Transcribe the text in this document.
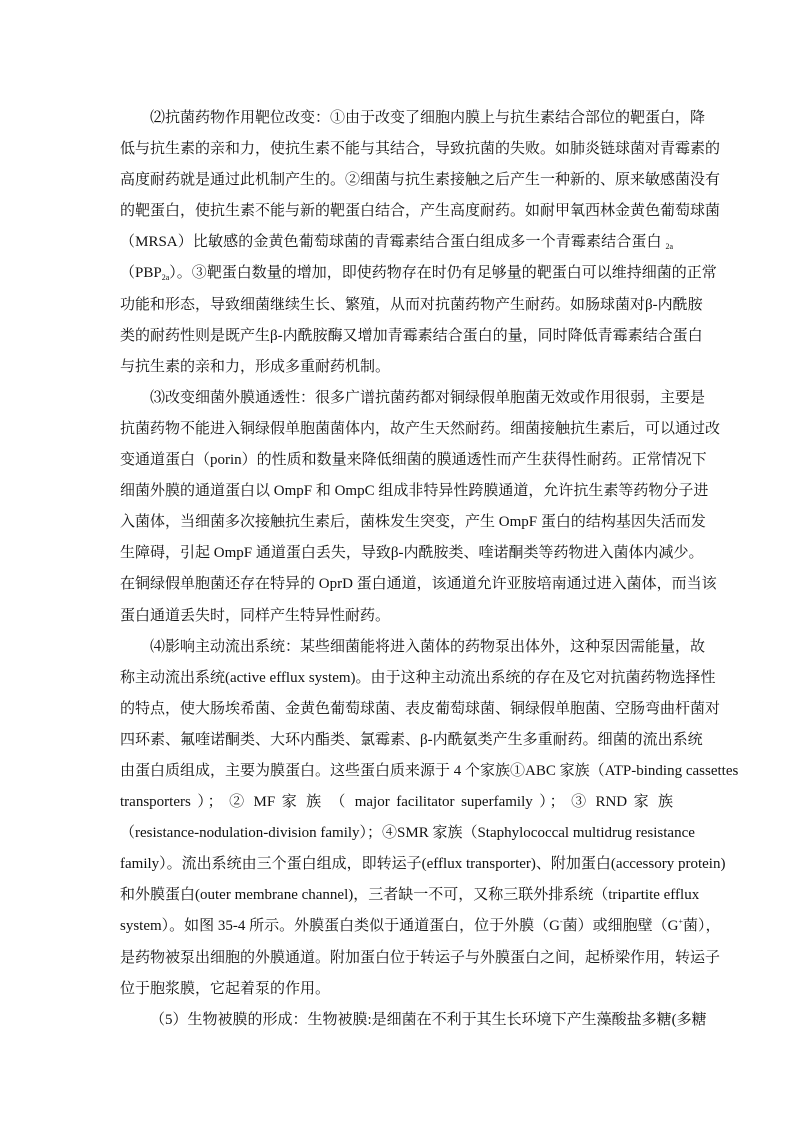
⑵抗菌药物作用靶位改变：①由于改变了细胞内膜上与抗生素结合部位的靶蛋白，降
低与抗生素的亲和力，使抗生素不能与其结合，导致抗菌的失败。如肺炎链球菌对青霉素的
高度耐药就是通过此机制产生的。②细菌与抗生素接触之后产生一种新的、原来敏感菌没有
的靶蛋白，使抗生素不能与新的靶蛋白结合，产生高度耐药。如耐甲氧西林金黄色葡萄球菌
（MRSA）比敏感的金黄色葡萄球菌的青霉素结合蛋白组成多一个青霉素结合蛋白 $_{2a}$
$(PBP_{2a})$。③靶蛋白数量的增加，即使药物存在时仍有足够量的靶蛋白可以维持细菌的正常
功能和形态，导致细菌继续生长、繁殖，从而对抗菌药物产生耐药。如肠球菌对β-内酰胺
类的耐药性则是既产生β-内酰胺酶又增加青霉素结合蛋白的量，同时降低青霉素结合蛋白
与抗生素的亲和力，形成多重耐药机制。
⑶改变细菌外膜通透性：很多广谱抗菌药都对铜绿假单胞菌无效或作用很弱，主要是
抗菌药物不能进入铜绿假单胞菌菌体内，故产生天然耐药。细菌接触抗生素后，可以通过改
变通道蛋白（porin）的性质和数量来降低细菌的膜通透性而产生获得性耐药。正常情况下
细菌外膜的通道蛋白以 OmpF 和 OmpC 组成非特异性跨膜通道，允许抗生素等药物分子进
入菌体，当细菌多次接触抗生素后，菌株发生突变，产生 OmpF 蛋白的结构基因失活而发
生障碍，引起 OmpF 通道蛋白丢失，导致β-内酰胺类、喹诺酮类等药物进入菌体内减少。
在铜绿假单胞菌还存在特异的 OprD 蛋白通道，该通道允许亚胺培南通过进入菌体，而当该
蛋白通道丢失时，同样产生特异性耐药。
⑷影响主动流出系统：某些细菌能将进入菌体的药物泵出体外，这种泵因需能量，故
称主动流出系统(active efflux system)。由于这种主动流出系统的存在及它对抗菌药物选择性
的特点，使大肠埃希菌、金黄色葡萄球菌、表皮葡萄球菌、铜绿假单胞菌、空肠弯曲杆菌对
四环素、氟喹诺酮类、大环内酯类、氯霉素、β-内酰氨类产生多重耐药。细菌的流出系统
由蛋白质组成，主要为膜蛋白。这些蛋白质来源于 4 个家族①ABC 家族（ATP-binding cassettes
transporters ）； ② MF 家 族 （ major facilitator superfamily ）； ③ RND 家 族
（resistance-nodulation-division family）；④SMR 家族（Staphylococcal multidrug resistance
family）。流出系统由三个蛋白组成，即转运子(efflux transporter)、附加蛋白(accessory protein)
和外膜蛋白(outer membrane channel)，三者缺一不可，又称三联外排系统（tripartite efflux
system）。如图 35-4 所示。外膜蛋白类似于通道蛋白，位于外膜（G-菌）或细胞壁（G+菌），
是药物被泵出细胞的外膜通道。附加蛋白位于转运子与外膜蛋白之间，起桥梁作用，转运子
位于胞浆膜，它起着泵的作用。
（5）生物被膜的形成：生物被膜:是细菌在不利于其生长环境下产生藻酸盐多糖(多糖
